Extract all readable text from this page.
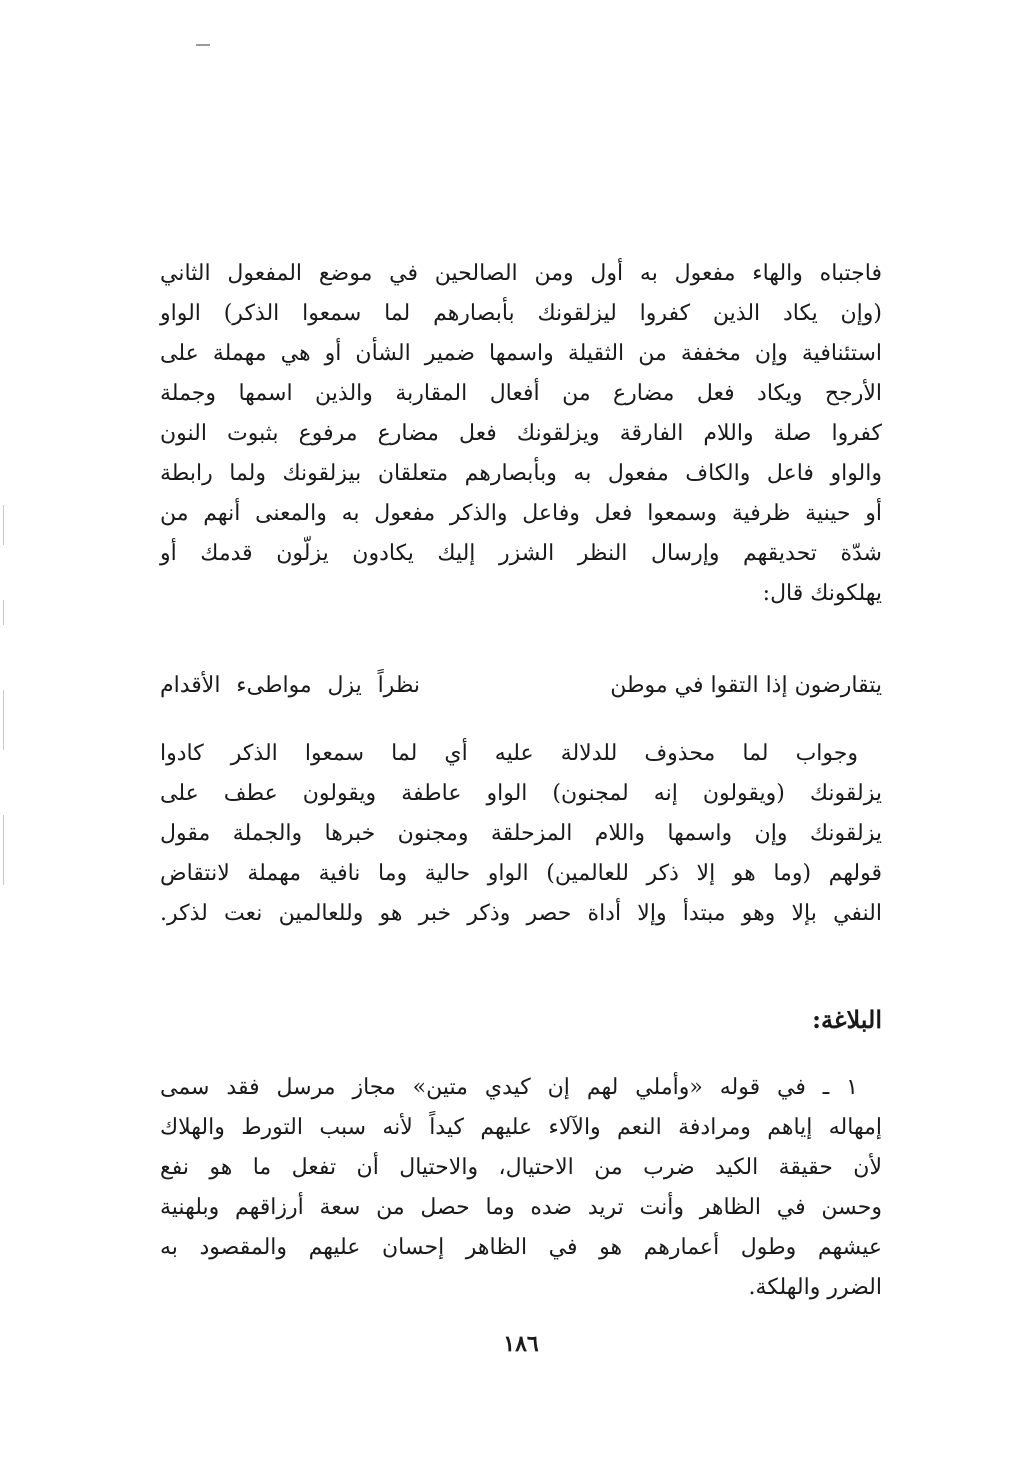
فاجتباه والهاء مفعول به أول ومن الصالحين في موضع المفعول الثاني
(وإن يكاد الذين كفروا ليزلقونك بأبصارهم لما سمعوا الذكر) الواو
استئنافية وإن مخففة من الثقيلة واسمها ضمير الشأن أو هي مهملة على
الأرجح ويكاد فعل مضارع من أفعال المقاربة والذين اسمها وجملة
كفروا صلة واللام الفارقة ويزلقونك فعل مضارع مرفوع بثبوت النون
والواو فاعل والكاف مفعول به وبأبصارهم متعلقان بيزلقونك ولما رابطة
أو حينية ظرفية وسمعوا فعل وفاعل والذكر مفعول به والمعنى أنهم من
شدّة تحديقهم وإرسال النظر الشزر إليك يكادون يزلّون قدمك أو
يهلكونك قال:
يتقارضون إذا التقوا في موطن
نظراً يزل مواطىء الأقدام
وجواب لما محذوف للدلالة عليه أي لما سمعوا الذكر كادوا
يزلقونك (ويقولون إنه لمجنون) الواو عاطفة ويقولون عطف على
يزلقونك وإن واسمها واللام المزحلقة ومجنون خبرها والجملة مقول
قولهم (وما هو إلا ذكر للعالمين) الواو حالية وما نافية مهملة لانتقاض
النفي بإلا وهو مبتدأ وإلا أداة حصر وذكر خبر هو وللعالمين نعت لذكر.
البلاغة:
١ ـ في قوله «وأملي لهم إن كيدي متين» مجاز مرسل فقد سمى
إمهاله إياهم ومرادفة النعم والآلاء عليهم كيداً لأنه سبب التورط والهلاك
لأن حقيقة الكيد ضرب من الاحتيال، والاحتيال أن تفعل ما هو نفع
وحسن في الظاهر وأنت تريد ضده وما حصل من سعة أرزاقهم وبلهنية
عيشهم وطول أعمارهم هو في الظاهر إحسان عليهم والمقصود به
الضرر والهلكة.
١٨٦
